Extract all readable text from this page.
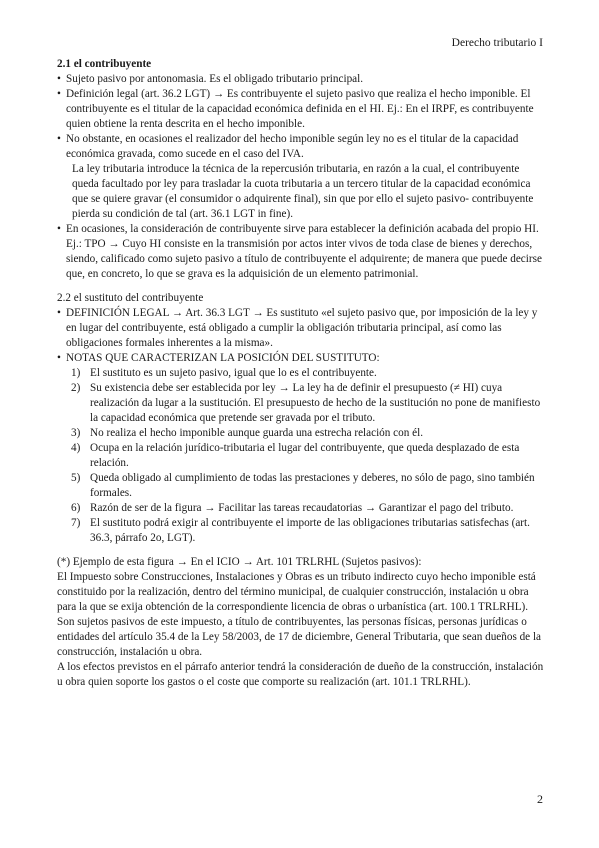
Derecho tributario I

2.1 el contribuyente

• Sujeto pasivo por antonomasia. Es el obligado tributario principal.
• Definición legal (art. 36.2 LGT) → Es contribuyente el sujeto pasivo que realiza el hecho imponible. El contribuyente es el titular de la capacidad económica definida en el HI. Ej.: En el IRPF, es contribuyente quien obtiene la renta descrita en el hecho imponible.
• No obstante, en ocasiones el realizador del hecho imponible según ley no es el titular de la capacidad económica gravada, como sucede en el caso del IVA.

La ley tributaria introduce la técnica de la repercusión tributaria, en razón a la cual, el contribuyente queda facultado por ley para trasladar la cuota tributaria a un tercero titular de la capacidad económica que se quiere gravar (el consumidor o adquirente final), sin que por ello el sujeto pasivo- contribuyente pierda su condición de tal (art. 36.1 LGT in fine).

• En ocasiones, la consideración de contribuyente sirve para establecer la definición acabada del propio HI. Ej.: TPO → Cuyo HI consiste en la transmisión por actos inter vivos de toda clase de bienes y derechos, siendo, calificado como sujeto pasivo a título de contribuyente el adquirente; de manera que puede decirse que, en concreto, lo que se grava es la adquisición de un elemento patrimonial.

2.2 el sustituto del contribuyente

• DEFINICIÓN LEGAL → Art. 36.3 LGT → Es sustituto «el sujeto pasivo que, por imposición de la ley y en lugar del contribuyente, está obligado a cumplir la obligación tributaria principal, así como las obligaciones formales inherentes a la misma».
• NOTAS QUE CARACTERIZAN LA POSICIÓN DEL SUSTITUTO:
1) El sustituto es un sujeto pasivo, igual que lo es el contribuyente.
2) Su existencia debe ser establecida por ley → La ley ha de definir el presupuesto (≠ HI) cuya realización da lugar a la sustitución. El presupuesto de hecho de la sustitución no pone de manifiesto la capacidad económica que pretende ser gravada por el tributo.
3) No realiza el hecho imponible aunque guarda una estrecha relación con él.
4) Ocupa en la relación jurídico-tributaria el lugar del contribuyente, que queda desplazado de esta relación.
5) Queda obligado al cumplimiento de todas las prestaciones y deberes, no sólo de pago, sino también formales.
6) Razón de ser de la figura → Facilitar las tareas recaudatorias → Garantizar el pago del tributo.
7) El sustituto podrá exigir al contribuyente el importe de las obligaciones tributarias satisfechas (art. 36.3, párrafo 2o, LGT).

(*) Ejemplo de esta figura → En el ICIO → Art. 101 TRLRHL (Sujetos pasivos):

El Impuesto sobre Construcciones, Instalaciones y Obras es un tributo indirecto cuyo hecho imponible está constituido por la realización, dentro del término municipal, de cualquier construcción, instalación u obra para la que se exija obtención de la correspondiente licencia de obras o urbanística (art. 100.1 TRLRHL).

Son sujetos pasivos de este impuesto, a título de contribuyentes, las personas físicas, personas jurídicas o entidades del artículo 35.4 de la Ley 58/2003, de 17 de diciembre, General Tributaria, que sean dueños de la construcción, instalación u obra.

A los efectos previstos en el párrafo anterior tendrá la consideración de dueño de la construcción, instalación u obra quien soporte los gastos o el coste que comporte su realización (art. 101.1 TRLRHL).

2
